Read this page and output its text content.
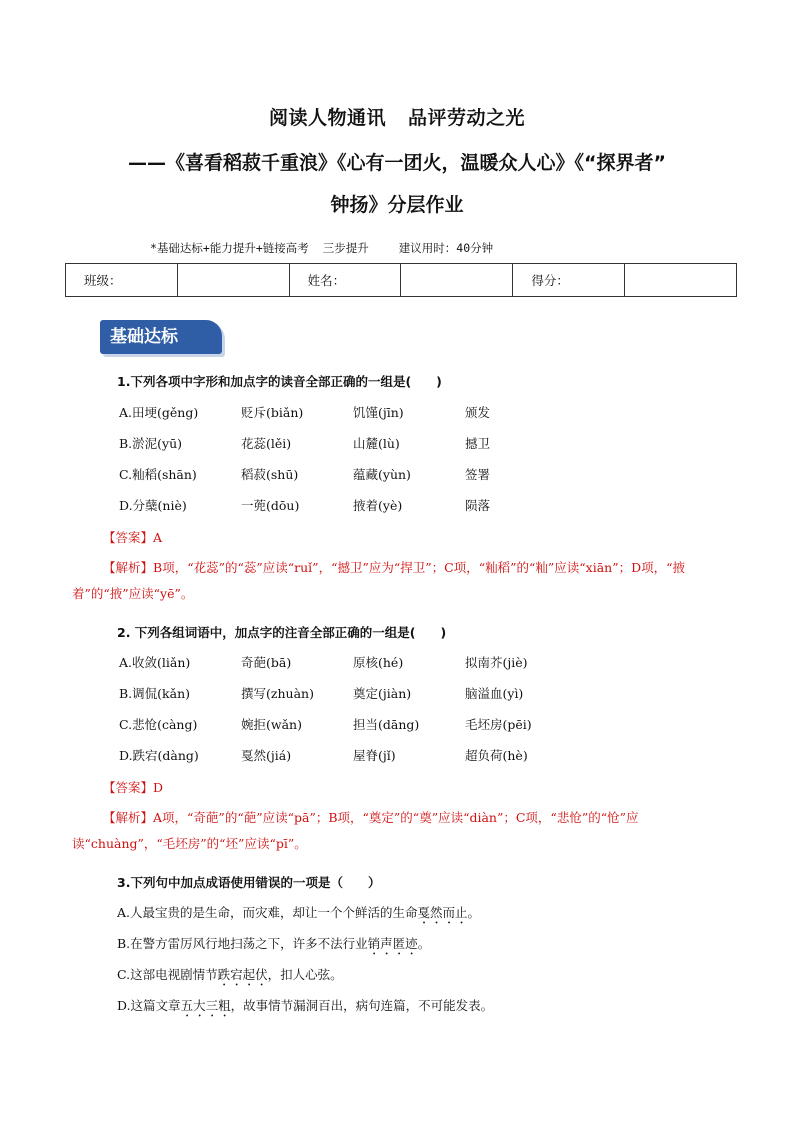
阅读人物通讯 品评劳动之光
——《喜看稻菽千重浪》《心有一团火，温暖众人心》《“探界者”
钟扬》分层作业
*基础达标+能力提升+链接高考 三步提升	建议用时：40分钟
班级：		姓名：		得分：	
基础达标
1.下列各项中字形和加点字的读音全部正确的一组是(　　)
A.田埂(gěng)	贬斥(biǎn)	饥馑(jīn)	颁发
B.淤泥(yū)	花蕊(lěi)	山麓(lù)	撼卫
C.籼稻(shān)	稻菽(shū)	蕴藏(yùn)	签署
D.分蘖(niè)	一蔸(dōu)	掖着(yè)	陨落
【答案】A
【解析】B项，“花蕊”的“蕊”应读“ruǐ”，“撼卫”应为“捍卫”；C项，“籼稻”的“籼”应读“xiān”；D项，“掖着”的“掖”应读“yē”。
2. 下列各组词语中，加点字的注音全部正确的一组是(　　)
A.收敛(liǎn)	奇葩(bā)	原核(hé)	拟南芥(jiè)
B.调侃(kǎn)	撰写(zhuàn)	奠定(jiàn)	脑溢血(yì)
C.悲怆(càng)	婉拒(wǎn)	担当(dāng)	毛坯房(pēi)
D.跌宕(dàng)	戛然(jiá)	屋脊(jǐ)	超负荷(hè)
【答案】D
【解析】A项，“奇葩”的“葩”应读“pā”；B项，“奠定”的“奠”应读“diàn”；C项，“悲怆”的“怆”应读“chuàng”，“毛坯房”的“坯”应读“pī”。
3.下列句中加点成语使用错误的一项是（　　）
A.人最宝贵的是生命，而灾难，却让一个个鲜活的生命戛然而止。
B.在警方雷厉风行地扫荡之下，许多不法行业销声匿迹。
C.这部电视剧情节跌宕起伏，扣人心弦。
D.这篇文章五大三粗，故事情节漏洞百出，病句连篇，不可能发表。
